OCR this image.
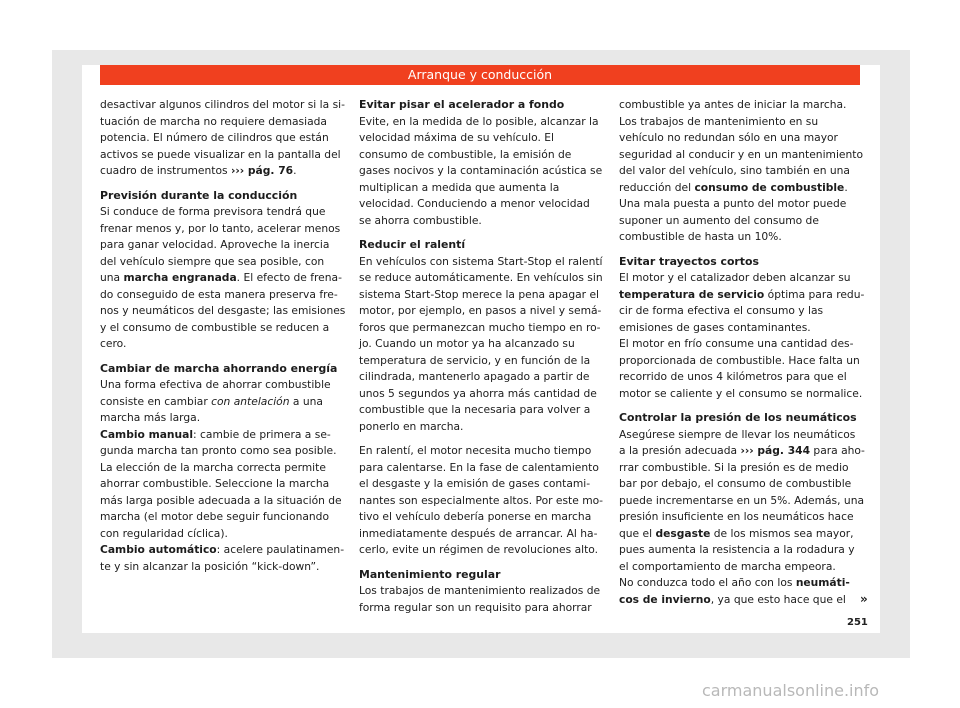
Arranque y conducción

desactivar algunos cilindros del motor si la situación de marcha no requiere demasiada potencia. El número de cilindros que están activos se puede visualizar en la pantalla del cuadro de instrumentos ››› pág. 76.

Previsión durante la conducción

Si conduce de forma previsora tendrá que frenar menos y, por lo tanto, acelerar menos para ganar velocidad. Aproveche la inercia del vehículo siempre que sea posible, con una marcha engranada. El efecto de frenado conseguido de esta manera preserva frenos y neumáticos del desgaste; las emisiones y el consumo de combustible se reducen a cero.

Cambiar de marcha ahorrando energía

Una forma efectiva de ahorrar combustible consiste en cambiar con antelación a una marcha más larga.

Cambio manual: cambie de primera a segunda marcha tan pronto como sea posible. La elección de la marcha correcta permite ahorrar combustible. Seleccione la marcha más larga posible adecuada a la situación de marcha (el motor debe seguir funcionando con regularidad cíclica).

Cambio automático: acelere paulatinamente y sin alcanzar la posición “kick-down”.

Evitar pisar el acelerador a fondo

Evite, en la medida de lo posible, alcanzar la velocidad máxima de su vehículo. El consumo de combustible, la emisión de gases nocivos y la contaminación acústica se multiplican a medida que aumenta la velocidad. Conduciendo a menor velocidad se ahorra combustible.

Reducir el ralentí

En vehículos con sistema Start-Stop el ralentí se reduce automáticamente. En vehículos sin sistema Start-Stop merece la pena apagar el motor, por ejemplo, en pasos a nivel y semáforos que permanezcan mucho tiempo en rojo. Cuando un motor ya ha alcanzado su temperatura de servicio, y en función de la cilindrada, mantenerlo apagado a partir de unos 5 segundos ya ahorra más cantidad de combustible que la necesaria para volver a ponerlo en marcha.

En ralentí, el motor necesita mucho tiempo para calentarse. En la fase de calentamiento el desgaste y la emisión de gases contaminantes son especialmente altos. Por este motivo el vehículo debería ponerse en marcha inmediatamente después de arrancar. Al hacerlo, evite un régimen de revoluciones alto.

Mantenimiento regular

Los trabajos de mantenimiento realizados de forma regular son un requisito para ahorrar

combustible ya antes de iniciar la marcha. Los trabajos de mantenimiento en su vehículo no redundan sólo en una mayor seguridad al conducir y en un mantenimiento del valor del vehículo, sino también en una reducción del consumo de combustible. Una mala puesta a punto del motor puede suponer un aumento del consumo de combustible de hasta un 10%.

Evitar trayectos cortos

El motor y el catalizador deben alcanzar su temperatura de servicio óptima para reducir de forma efectiva el consumo y las emisiones de gases contaminantes.

El motor en frío consume una cantidad desproporcionada de combustible. Hace falta un recorrido de unos 4 kilómetros para que el motor se caliente y el consumo se normalice.

Controlar la presión de los neumáticos

Asegúrese siempre de llevar los neumáticos a la presión adecuada ››› pág. 344 para ahorrar combustible. Si la presión es de medio bar por debajo, el consumo de combustible puede incrementarse en un 5%. Además, una presión insuficiente en los neumáticos hace que el desgaste de los mismos sea mayor, pues aumenta la resistencia a la rodadura y el comportamiento de marcha empeora.

No conduzca todo el año con los neumáticos de invierno, ya que esto hace que el	»
251
carmanualsonline.info
